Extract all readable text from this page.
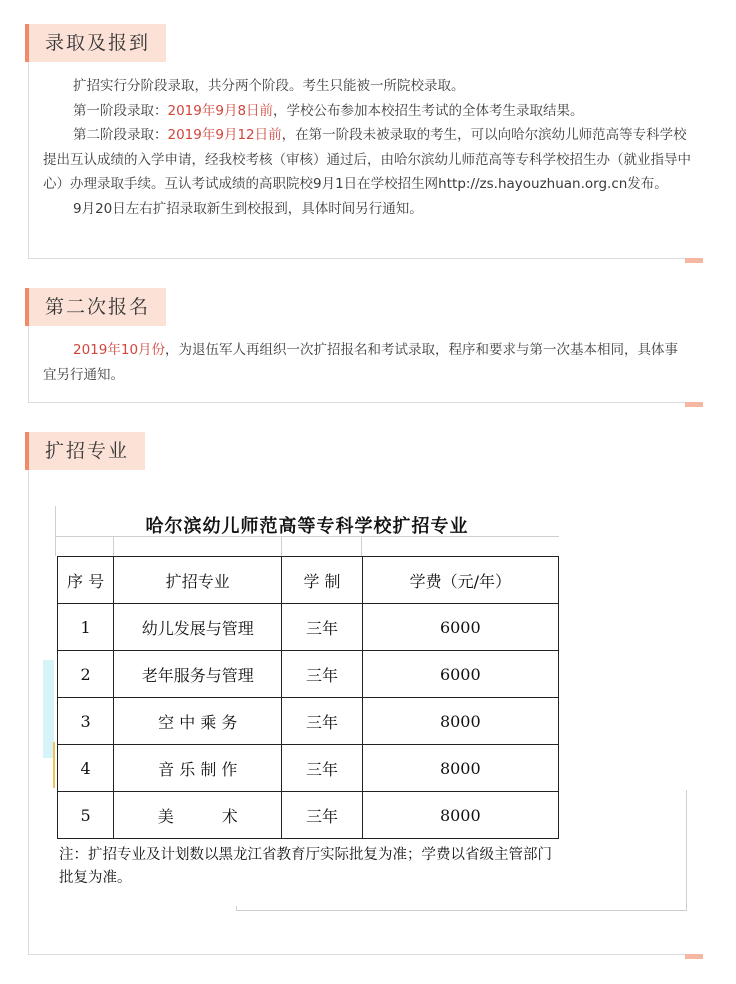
录取及报到

扩招实行分阶段录取，共分两个阶段。考生只能被一所院校录取。

第一阶段录取：2019年9月8日前，学校公布参加本校招生考试的全体考生录取结果。

第二阶段录取：2019年9月12日前，在第一阶段未被录取的考生，可以向哈尔滨幼儿师范高等专科学校提出互认成绩的入学申请，经我校考核（审核）通过后，由哈尔滨幼儿师范高等专科学校招生办（就业指导中心）办理录取手续。互认考试成绩的高职院校9月1日在学校招生网http://zs.hayouzhuan.org.cn发布。

9月20日左右扩招录取新生到校报到，具体时间另行通知。

第二次报名

2019年10月份，为退伍军人再组织一次扩招报名和考试录取，程序和要求与第一次基本相同，具体事宜另行通知。

扩招专业
哈尔滨幼儿师范高等专科学校扩招专业
序 号	扩招专业	学 制	学费（元/年）
1	幼儿发展与管理	三年	6000
2	老年服务与管理	三年	6000
3	空 中 乘 务	三年	8000
4	音 乐 制 作	三年	8000
5	美　　　术	三年	8000
注：扩招专业及计划数以黑龙江省教育厅实际批复为准；学费以省级主管部门批复为准。
